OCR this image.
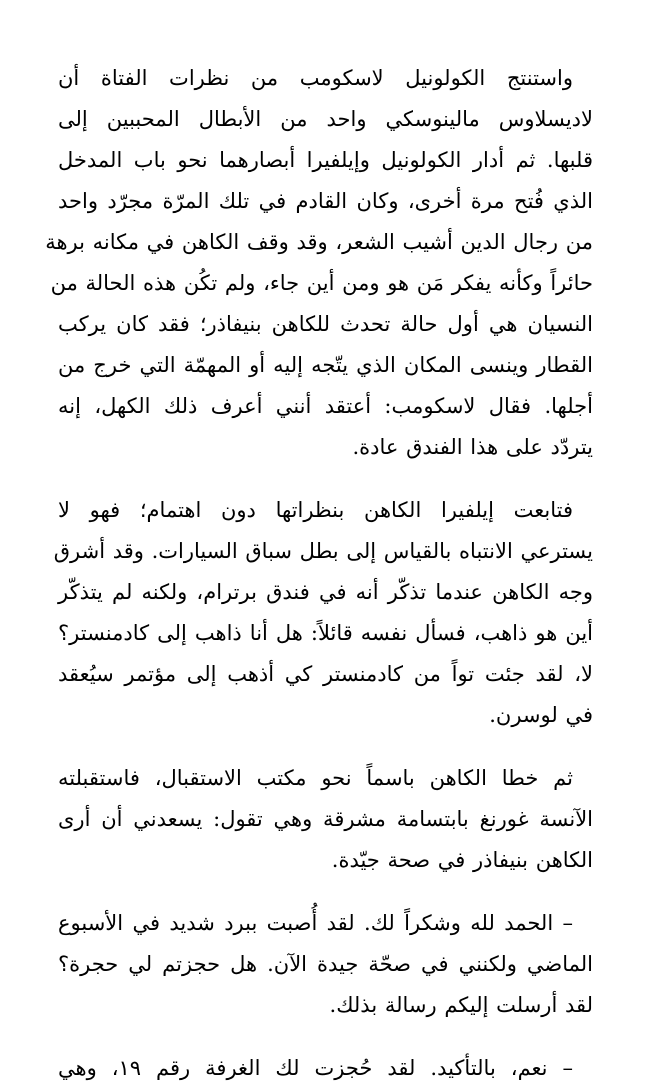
واستنتج الكولونيل لاسكومب من نظرات الفتاة أن
لاديسلاوس مالينوسكي واحد من الأبطال المحببين إلى
قلبها. ثم أدار الكولونيل وإيلفيرا أبصارهما نحو باب المدخل
الذي فُتح مرة أخرى، وكان القادم في تلك المرّة مجرّد واحد
من رجال الدين أشيب الشعر، وقد وقف الكاهن في مكانه برهة
حائراً وكأنه يفكر مَن هو ومن أين جاء، ولم تكُن هذه الحالة من
النسيان هي أول حالة تحدث للكاهن بنيفاذر؛ فقد كان يركب
القطار وينسى المكان الذي يتّجه إليه أو المهمّة التي خرج من
أجلها. فقال لاسكومب: أعتقد أنني أعرف ذلك الكهل، إنه
يتردّد على هذا الفندق عادة.
فتابعت إيلفيرا الكاهن بنظراتها دون اهتمام؛ فهو لا
يسترعي الانتباه بالقياس إلى بطل سباق السيارات. وقد أشرق
وجه الكاهن عندما تذكّر أنه في فندق برترام، ولكنه لم يتذكّر
أين هو ذاهب، فسأل نفسه قائلاً: هل أنا ذاهب إلى كادمنستر؟
لا، لقد جئت تواً من كادمنستر كي أذهب إلى مؤتمر سيُعقد
في لوسرن.
ثم خطا الكاهن باسماً نحو مكتب الاستقبال، فاستقبلته
الآنسة غورنغ بابتسامة مشرقة وهي تقول: يسعدني أن أرى
الكاهن بنيفاذر في صحة جيّدة.
– الحمد لله وشكراً لك. لقد أُصبت ببرد شديد في الأسبوع
الماضي ولكنني في صحّة جيدة الآن. هل حجزتم لي حجرة؟
لقد أرسلت إليكم رسالة بذلك.
– نعم، بالتأكيد. لقد حُجزت لك الغرفة رقم ١٩، وهي
